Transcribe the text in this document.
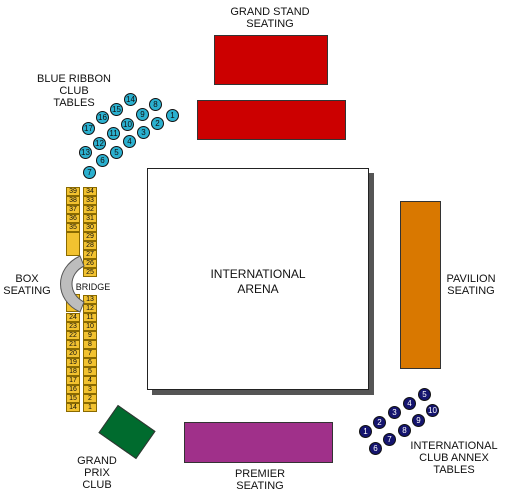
GRAND STAND
SEATING
BLUE RIBBON
CLUB
TABLES
1
2
3
4
5
6
7
8
9
10
11
12
13
14
15
16
17
INTERNATIONAL
ARENA
PAVILION
SEATING
BOX
SEATING
39
38
37
36
35
34
33
32
31
30
29
28
27
26
25
24
23
22
21
20
19
18
17
16
15
14
13
12
11
10
9
8
7
6
5
4
3
2
1
BRIDGE
GRAND
PRIX
CLUB
PREMIER
SEATING
1
2
3
4
5
6
7
8
9
10
INTERNATIONAL
CLUB ANNEX
TABLES
